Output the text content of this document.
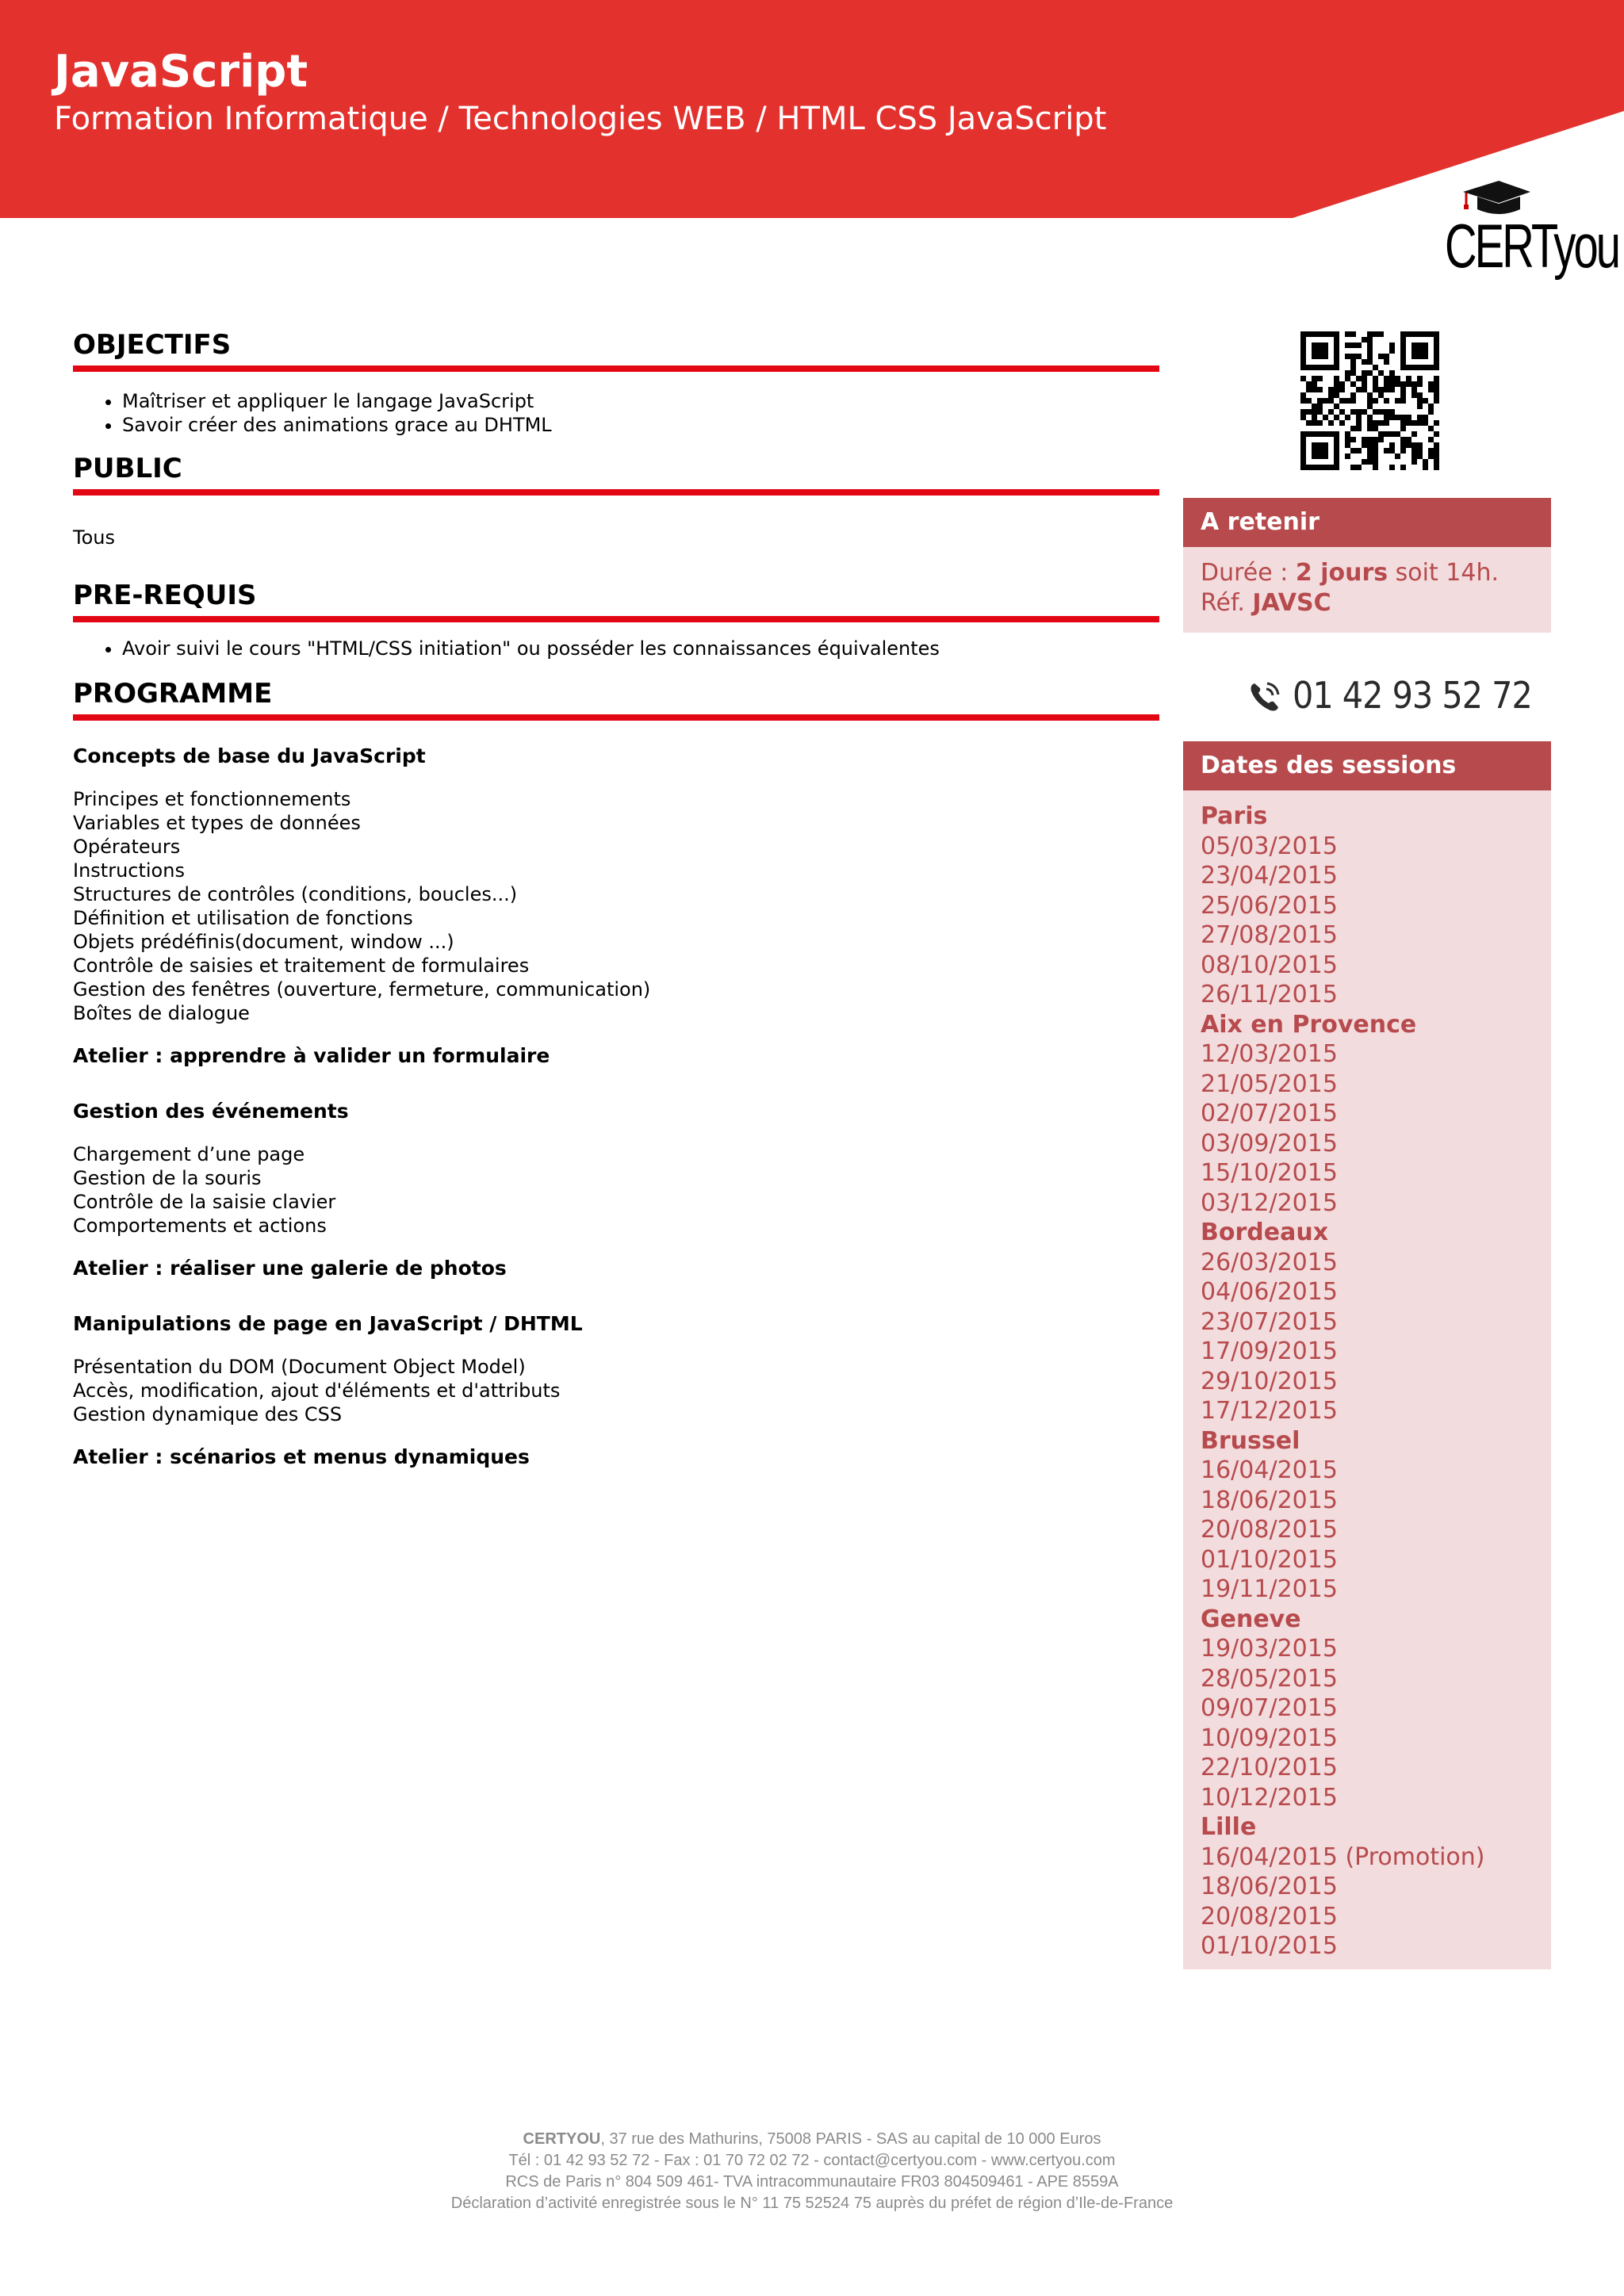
JavaScript
Formation Informatique / Technologies WEB / HTML CSS JavaScript
CERTyou
OBJECTIFS
• Maîtriser et appliquer le langage JavaScript
• Savoir créer des animations grace au DHTML
PUBLIC
Tous
PRE-REQUIS
• Avoir suivi le cours "HTML/CSS initiation" ou posséder les connaissances équivalentes
PROGRAMME
Concepts de base du JavaScript
Principes et fonctionnements
Variables et types de données
Opérateurs
Instructions
Structures de contrôles (conditions, boucles...)
Définition et utilisation de fonctions
Objets prédéfinis(document, window ...)
Contrôle de saisies et traitement de formulaires
Gestion des fenêtres (ouverture, fermeture, communication)
Boîtes de dialogue
Atelier : apprendre à valider un formulaire
Gestion des événements
Chargement d’une page
Gestion de la souris
Contrôle de la saisie clavier
Comportements et actions
Atelier : réaliser une galerie de photos
Manipulations de page en JavaScript / DHTML
Présentation du DOM (Document Object Model)
Accès, modification, ajout d'éléments et d'attributs
Gestion dynamique des CSS
Atelier : scénarios et menus dynamiques
A retenir
Durée : 2 jours soit 14h.
Réf. JAVSC
01 42 93 52 72
Dates des sessions
Paris
05/03/2015
23/04/2015
25/06/2015
27/08/2015
08/10/2015
26/11/2015
Aix en Provence
12/03/2015
21/05/2015
02/07/2015
03/09/2015
15/10/2015
03/12/2015
Bordeaux
26/03/2015
04/06/2015
23/07/2015
17/09/2015
29/10/2015
17/12/2015
Brussel
16/04/2015
18/06/2015
20/08/2015
01/10/2015
19/11/2015
Geneve
19/03/2015
28/05/2015
09/07/2015
10/09/2015
22/10/2015
10/12/2015
Lille
16/04/2015 (Promotion)
18/06/2015
20/08/2015
01/10/2015
CERTYOU, 37 rue des Mathurins, 75008 PARIS - SAS au capital de 10 000 Euros
Tél : 01 42 93 52 72 - Fax : 01 70 72 02 72 - contact@certyou.com - www.certyou.com
RCS de Paris n° 804 509 461- TVA intracommunautaire FR03 804509461 - APE 8559A
Déclaration d’activité enregistrée sous le N° 11 75 52524 75 auprès du préfet de région d’Ile-de-France
